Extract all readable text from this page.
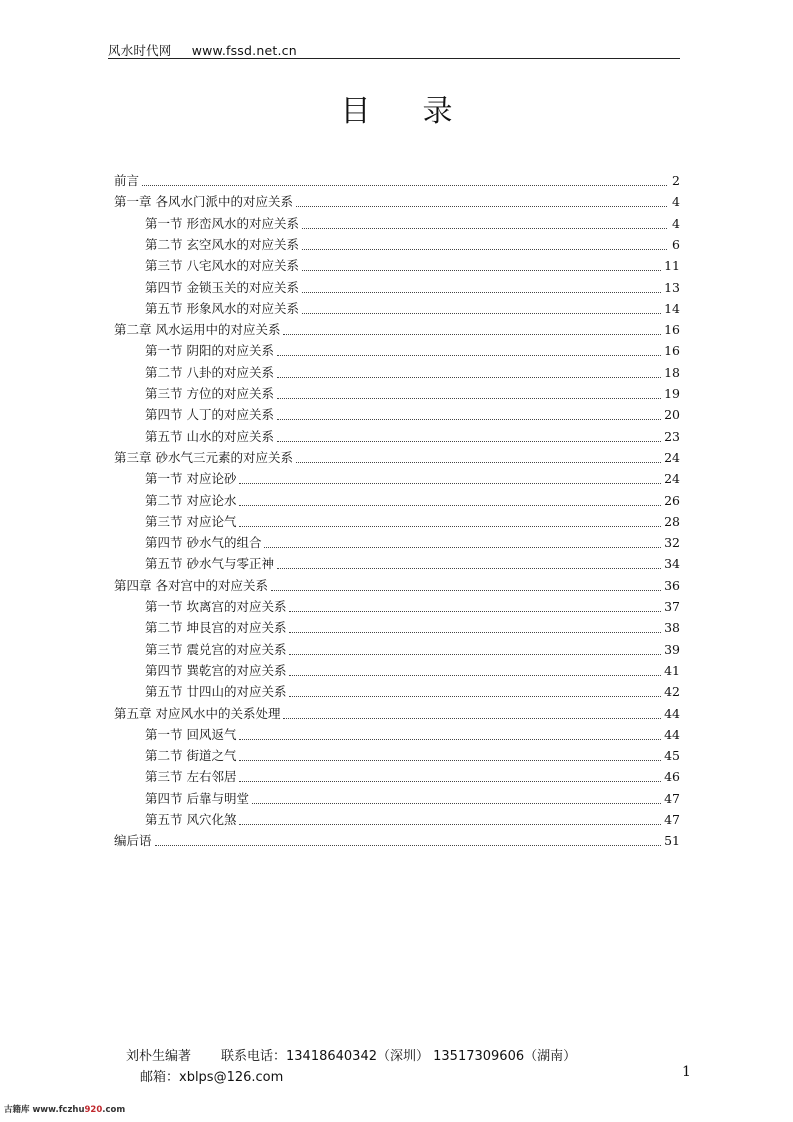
风水时代网 www.fssd.net.cn
目录
前言	2
第一章 各风水门派中的对应关系	4
第一节 形峦风水的对应关系	4
第二节 玄空风水的对应关系	6
第三节 八宅风水的对应关系	11
第四节 金锁玉关的对应关系	13
第五节 形象风水的对应关系	14
第二章 风水运用中的对应关系	16
第一节 阴阳的对应关系	16
第二节 八卦的对应关系	18
第三节 方位的对应关系	19
第四节 人丁的对应关系	20
第五节 山水的对应关系	23
第三章 砂水气三元素的对应关系	24
第一节 对应论砂	24
第二节 对应论水	26
第三节 对应论气	28
第四节 砂水气的组合	32
第五节 砂水气与零正神	34
第四章 各对宫中的对应关系	36
第一节 坎离宫的对应关系	37
第二节 坤艮宫的对应关系	38
第三节 震兑宫的对应关系	39
第四节 巽乾宫的对应关系	41
第五节 廿四山的对应关系	42
第五章 对应风水中的关系处理	44
第一节 回风返气	44
第二节 街道之气	45
第三节 左右邻居	46
第四节 后靠与明堂	47
第五节 风穴化煞	47
编后语	51
刘朴生编著 联系电话：13418640342（深圳） 13517309606（湖南）
邮箱：xblps@126.com	1
古籍库 www.fczhu920.com
